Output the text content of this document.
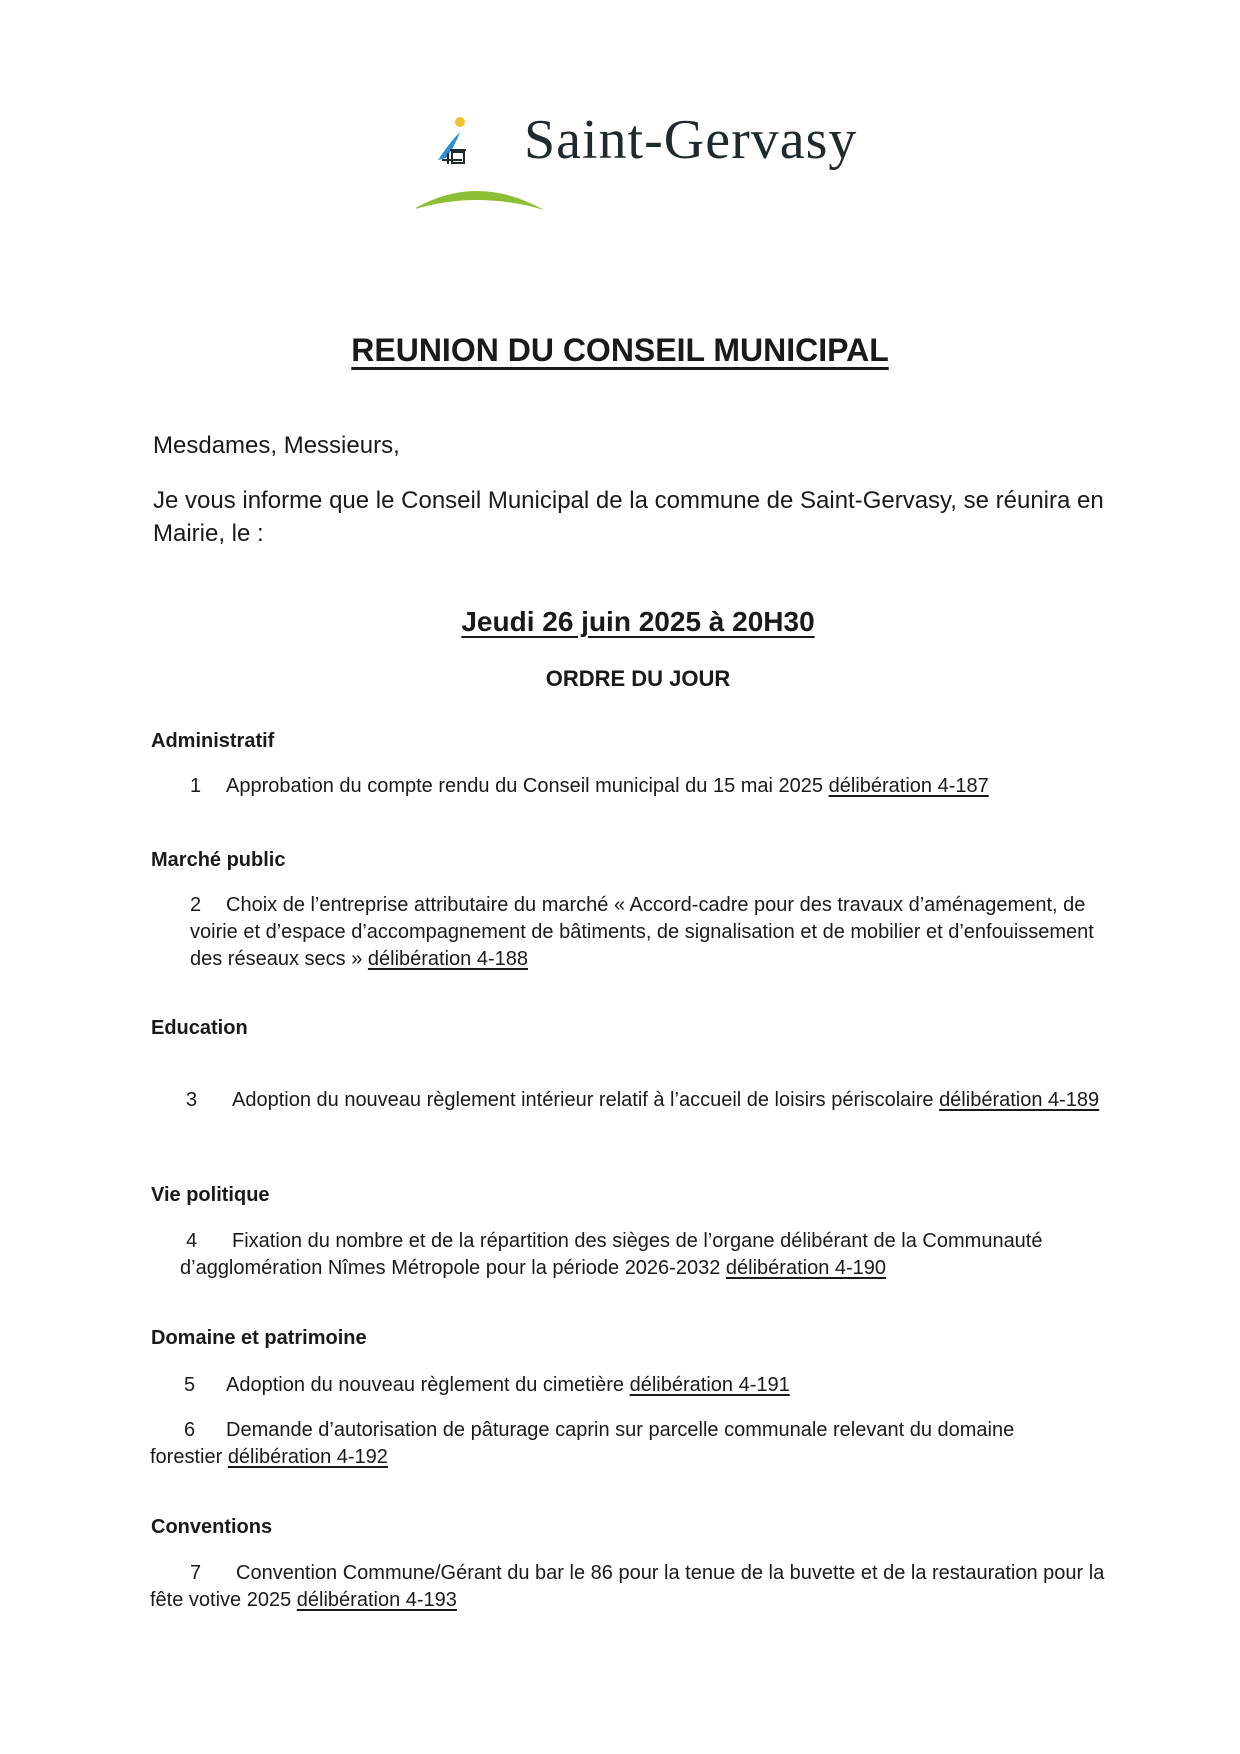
Saint-Gervasy
REUNION DU CONSEIL MUNICIPAL
Mesdames, Messieurs,
Je vous informe que le Conseil Municipal de la commune de Saint-Gervasy, se réunira en Mairie, le :
Jeudi 26 juin 2025 à 20H30
ORDRE DU JOUR
Administratif
1 Approbation du compte rendu du Conseil municipal du 15 mai 2025 délibération 4-187
Marché public
2 Choix de l’entreprise attributaire du marché « Accord-cadre pour des travaux d’aménagement, de voirie et d’espace d’accompagnement de bâtiments, de signalisation et de mobilier et d’enfouissement des réseaux secs » délibération 4-188
Education
3 Adoption du nouveau règlement intérieur relatif à l’accueil de loisirs périscolaire délibération 4-189
Vie politique
4 Fixation du nombre et de la répartition des sièges de l’organe délibérant de la Communauté d’agglomération Nîmes Métropole pour la période 2026-2032 délibération 4-190
Domaine et patrimoine
5 Adoption du nouveau règlement du cimetière délibération 4-191
6 Demande d’autorisation de pâturage caprin sur parcelle communale relevant du domaine forestier délibération 4-192
Conventions
7 Convention Commune/Gérant du bar le 86 pour la tenue de la buvette et de la restauration pour la fête votive 2025 délibération 4-193
